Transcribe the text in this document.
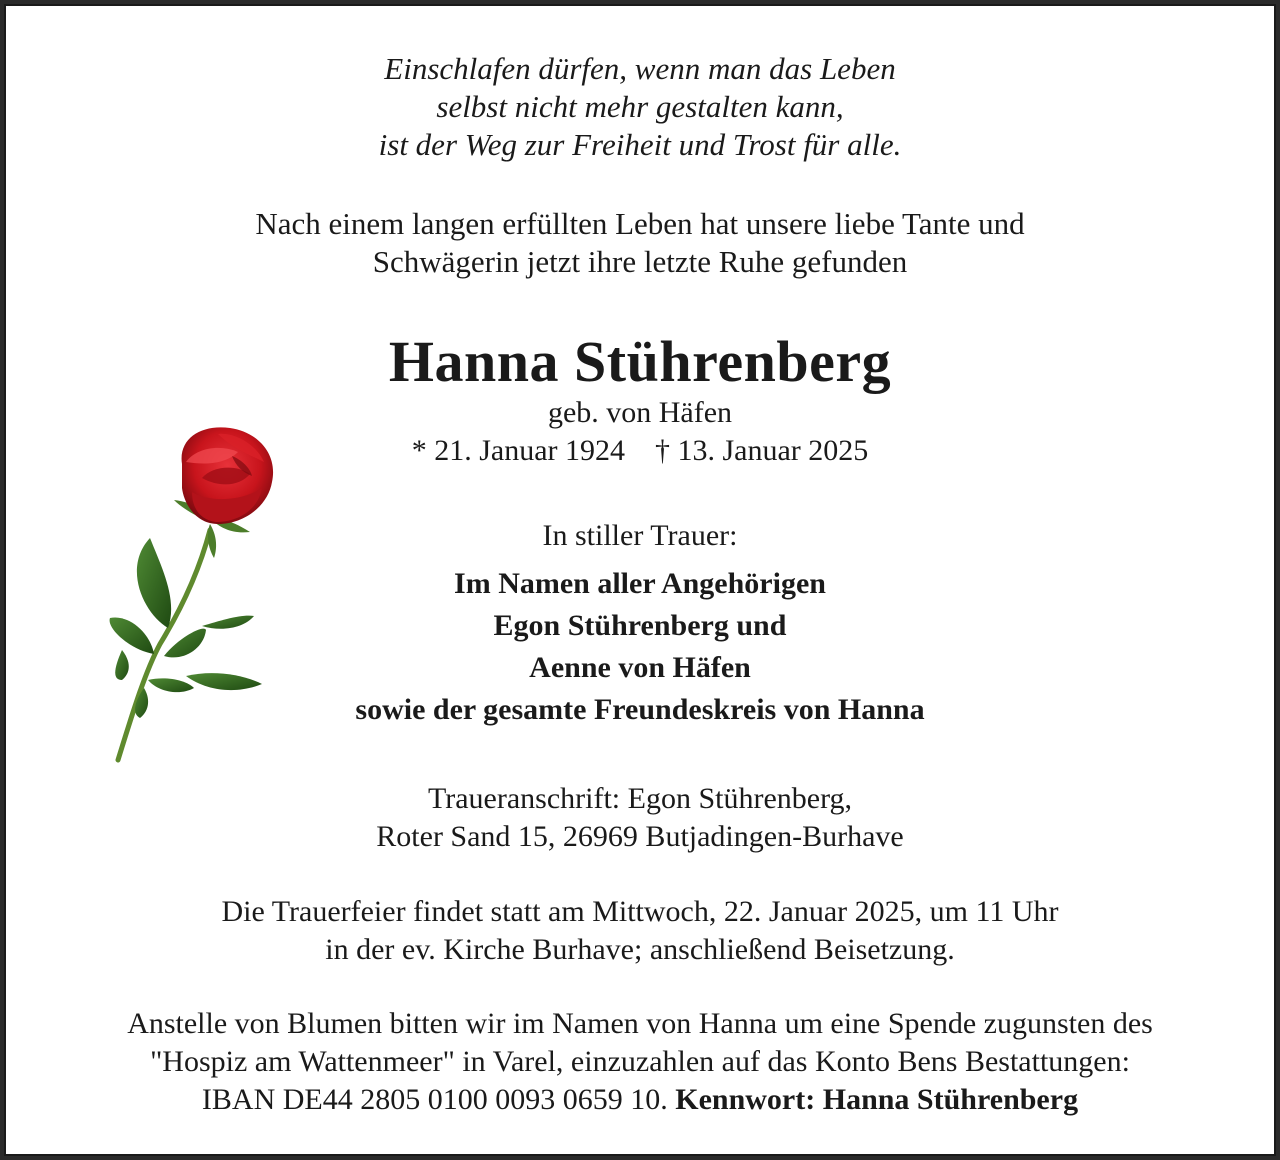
Einschlafen dürfen, wenn man das Leben
selbst nicht mehr gestalten kann,
ist der Weg zur Freiheit und Trost für alle.
Nach einem langen erfüllten Leben hat unsere liebe Tante und
Schwägerin jetzt ihre letzte Ruhe gefunden
Hanna Stührenberg
geb. von Häfen
* 21. Januar 1924 † 13. Januar 2025
In stiller Trauer:
Im Namen aller Angehörigen
Egon Stührenberg und
Aenne von Häfen
sowie der gesamte Freundeskreis von Hanna
Traueranschrift: Egon Stührenberg,
Roter Sand 15, 26969 Butjadingen-Burhave
Die Trauerfeier findet statt am Mittwoch, 22. Januar 2025, um 11 Uhr
in der ev. Kirche Burhave; anschließend Beisetzung.
Anstelle von Blumen bitten wir im Namen von Hanna um eine Spende zugunsten des
"Hospiz am Wattenmeer" in Varel, einzuzahlen auf das Konto Bens Bestattungen:
IBAN DE44 2805 0100 0093 0659 10. Kennwort: Hanna Stührenberg
